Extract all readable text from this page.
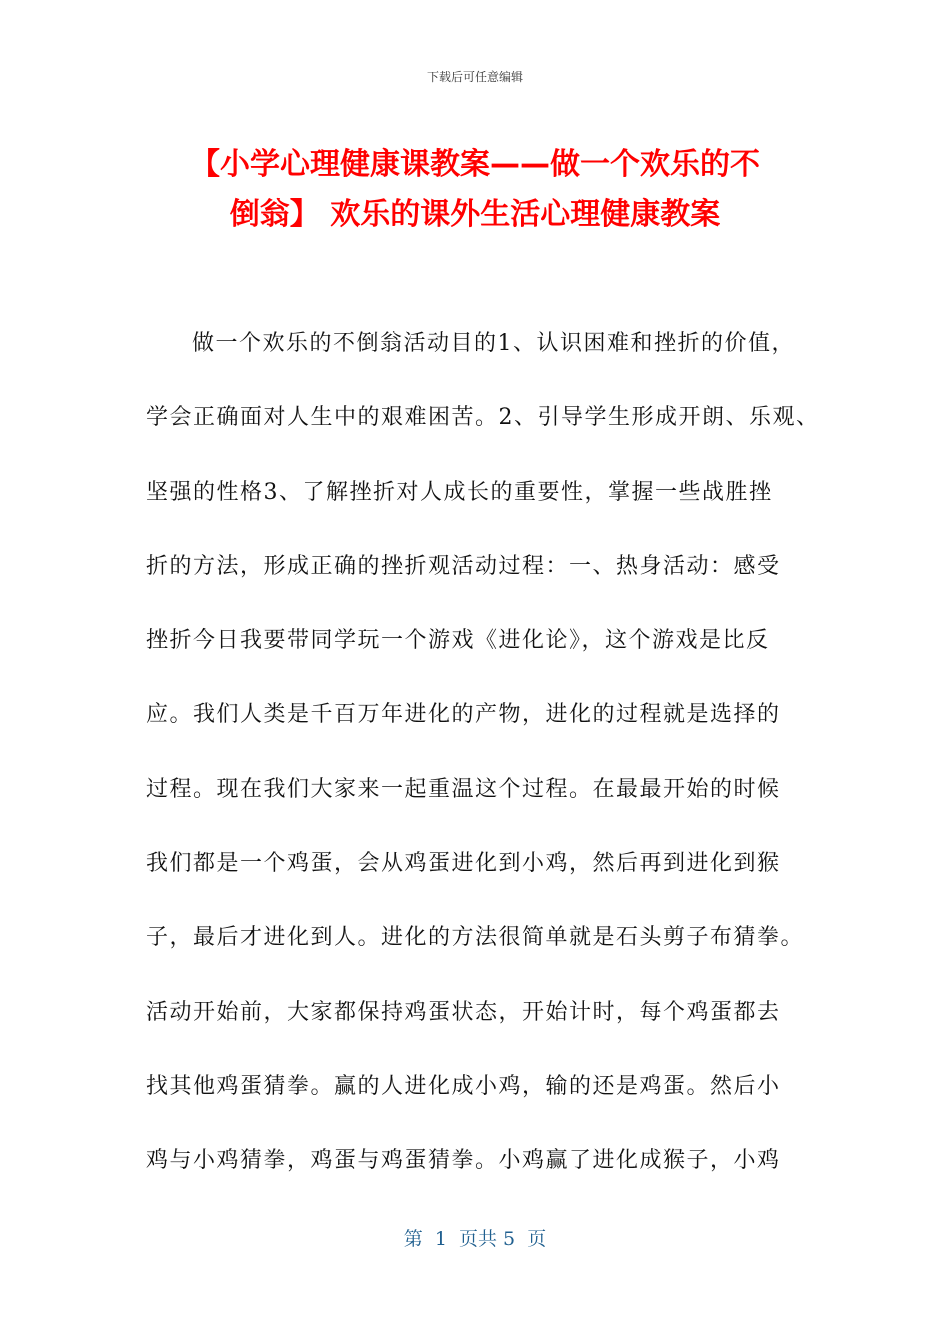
下载后可任意编辑
【小学心理健康课教案——做一个欢乐的不
倒翁】 欢乐的课外生活心理健康教案
做一个欢乐的不倒翁活动目的1、认识困难和挫折的价值，
学会正确面对人生中的艰难困苦。2、引导学生形成开朗、乐观、
坚强的性格3、了解挫折对人成长的重要性，掌握一些战胜挫
折的方法，形成正确的挫折观活动过程：一、热身活动：感受
挫折今日我要带同学玩一个游戏《进化论》，这个游戏是比反
应。我们人类是千百万年进化的产物，进化的过程就是选择的
过程。现在我们大家来一起重温这个过程。在最最开始的时候
我们都是一个鸡蛋，会从鸡蛋进化到小鸡，然后再到进化到猴
子，最后才进化到人。进化的方法很简单就是石头剪子布猜拳。
活动开始前，大家都保持鸡蛋状态，开始计时，每个鸡蛋都去
找其他鸡蛋猜拳。赢的人进化成小鸡，输的还是鸡蛋。然后小
鸡与小鸡猜拳，鸡蛋与鸡蛋猜拳。小鸡赢了进化成猴子，小鸡
第  1  页共 5  页
